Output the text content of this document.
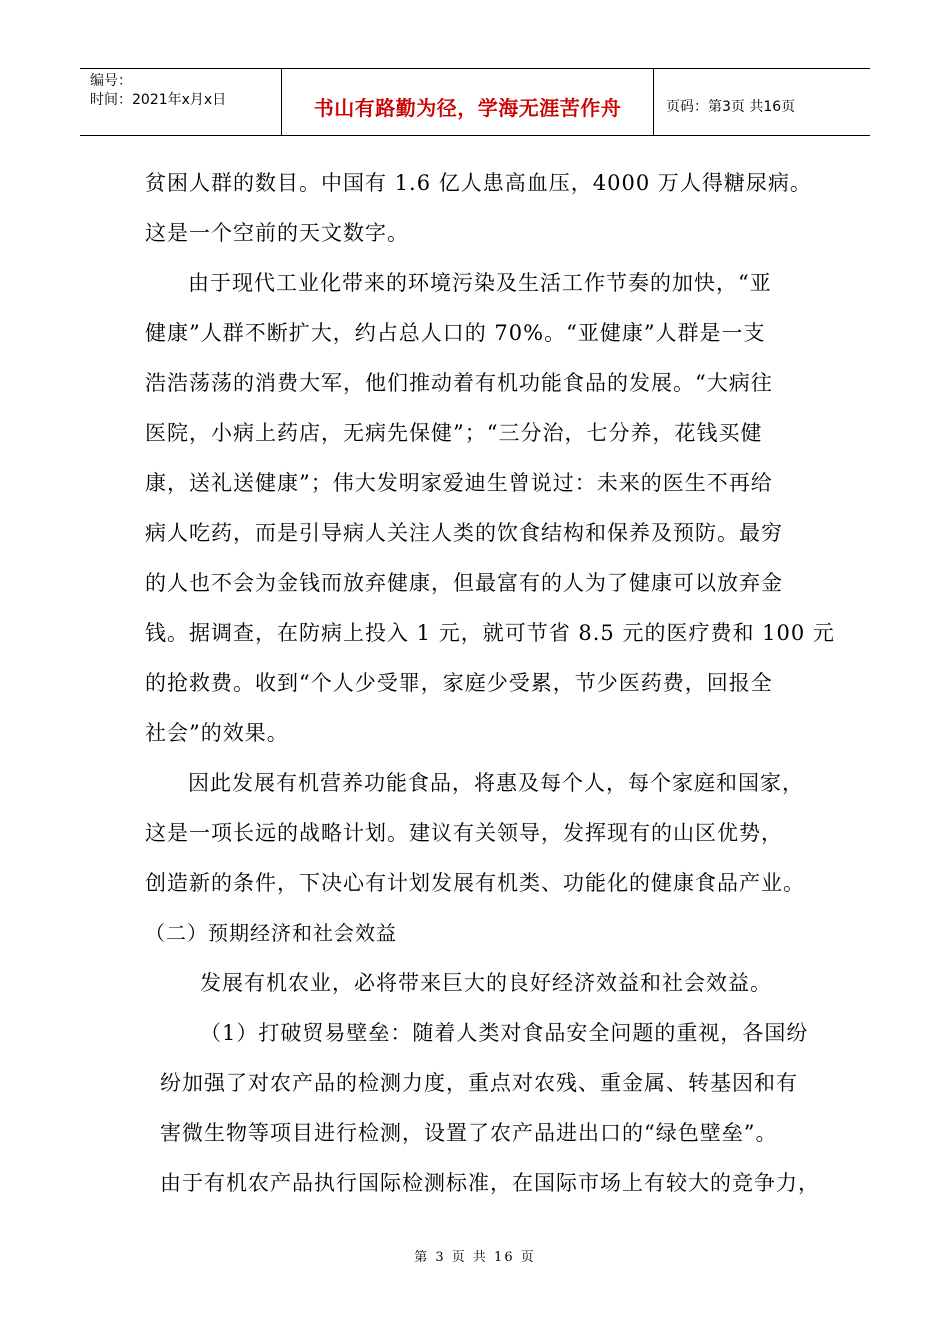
编号：
时间：2021年x月x日	书山有路勤为径，学海无涯苦作舟	页码：第3页 共16页
贫困人群的数目。中国有 1.6 亿人患高血压，4000 万人得糖尿病。
这是一个空前的天文数字。
由于现代工业化带来的环境污染及生活工作节奏的加快，“亚
健康”人群不断扩大，约占总人口的 70%。“亚健康”人群是一支
浩浩荡荡的消费大军，他们推动着有机功能食品的发展。“大病往
医院，小病上药店，无病先保健”；“三分治，七分养，花钱买健
康，送礼送健康”；伟大发明家爱迪生曾说过：未来的医生不再给
病人吃药，而是引导病人关注人类的饮食结构和保养及预防。最穷
的人也不会为金钱而放弃健康，但最富有的人为了健康可以放弃金
钱。据调查，在防病上投入 1 元，就可节省 8.5 元的医疗费和 100 元
的抢救费。收到“个人少受罪，家庭少受累，节少医药费，回报全
社会”的效果。
因此发展有机营养功能食品，将惠及每个人，每个家庭和国家，
这是一项长远的战略计划。建议有关领导，发挥现有的山区优势，
创造新的条件，下决心有计划发展有机类、功能化的健康食品产业。
（二）预期经济和社会效益
发展有机农业，必将带来巨大的良好经济效益和社会效益。
（1）打破贸易壁垒：随着人类对食品安全问题的重视，各国纷
纷加强了对农产品的检测力度，重点对农残、重金属、转基因和有
害微生物等项目进行检测，设置了农产品进出口的“绿色壁垒”。
由于有机农产品执行国际检测标准，在国际市场上有较大的竞争力，
第 3 页 共 16 页
